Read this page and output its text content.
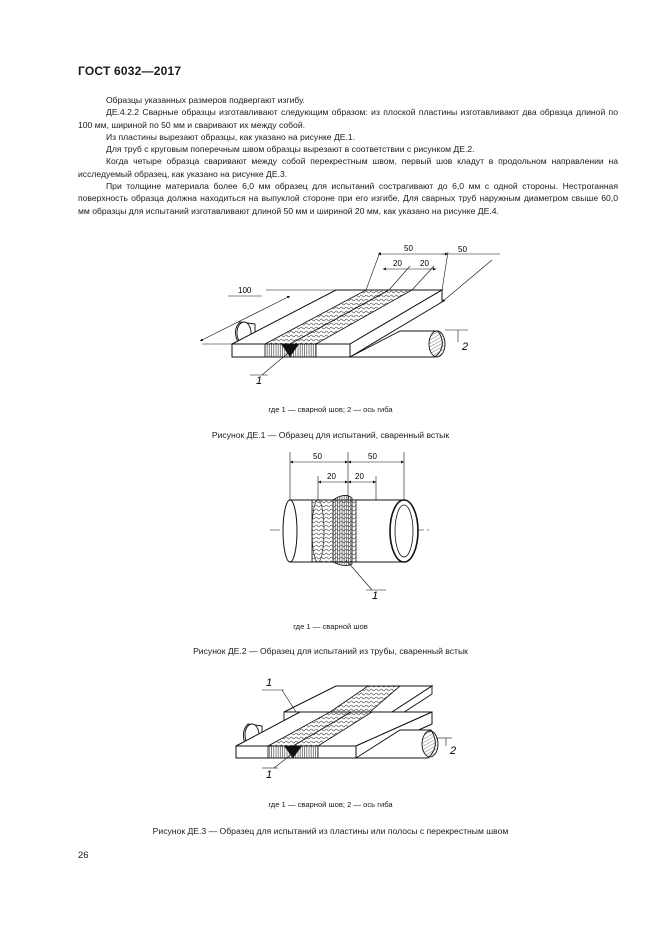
ГОСТ 6032—2017

Образцы указанных размеров подвергают изгибу.

ДЕ.4.2.2 Сварные образцы изготавливают следующим образом: из плоской пластины изготавливают два образца длиной по 100 мм, шириной по 50 мм и сваривают их между собой.

Из пластины вырезают образцы, как указано на рисунке ДЕ.1.

Для труб с круговым поперечным швом образцы вырезают в соответствии с рисунком ДЕ.2.

Когда четыре образца сваривают между собой перекрестным швом, первый шов кладут в продольном направлении на исследуемый образец, как указано на рисунке ДЕ.3.

При толщине материала более 6,0 мм образец для испытаний сострагивают до 6,0 мм с одной стороны. Нестроганная поверхность образца должна находиться на выпуклой стороне при его изгибе. Для сварных труб наружным диаметром свыше 60,0 мм образцы для испытаний изготавливают длиной 50 мм и шириной 20 мм, как указано на рисунке ДЕ.4.

100
50	50
20 20
2
1
где 1 — сварной шов; 2 — ось гиба
Рисунок ДЕ.1 — Образец для испытаний, сваренный встык
50	50
20 20
1
где 1 — сварной шов
Рисунок ДЕ.2 — Образец для испытаний из трубы, сваренный встык
1
1
2
где 1 — сварной шов; 2 — ось гиба
Рисунок ДЕ.3 — Образец для испытаний из пластины или полосы с перекрестным швом
26
